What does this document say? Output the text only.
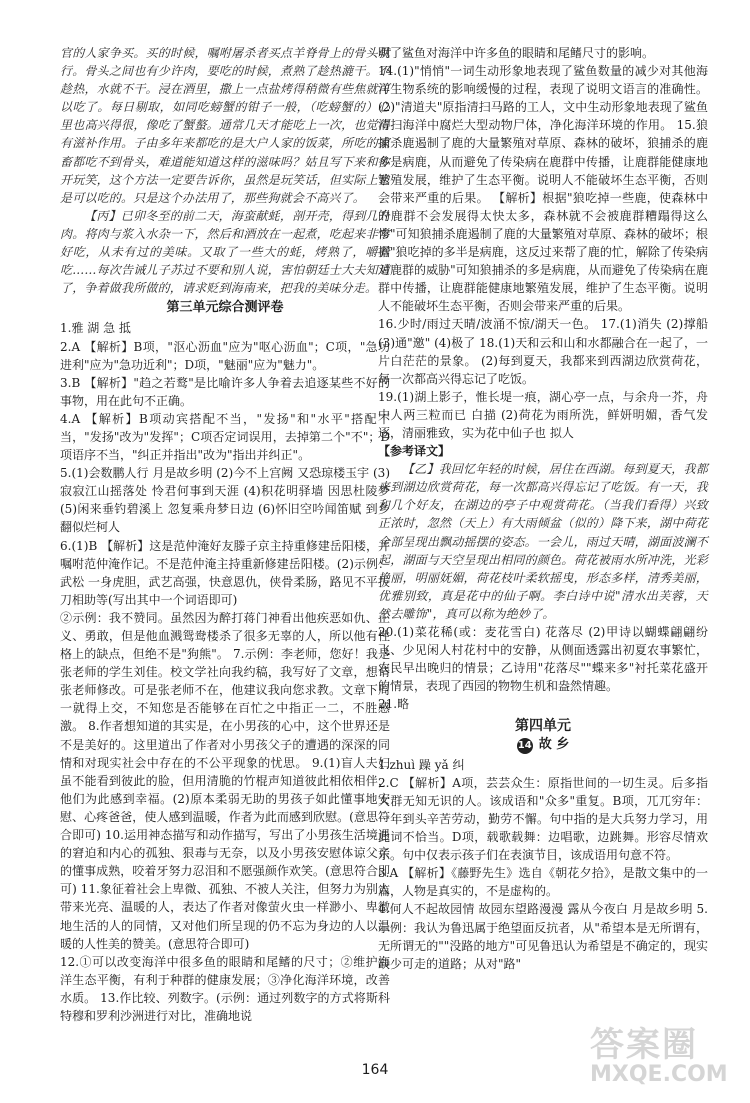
官的人家争买。买的时候，嘱咐屠杀者买点羊脊骨上的骨头就行。骨头之间也有少许肉，要吃的时候，煮熟了趁热漉干。不趁热，水就不干。浸在酒里，撒上一点盐烤得稍微有些焦就可以吃了。每日剔取，如同吃螃蟹的钳子一般，（吃螃蟹的）心里也高兴得很，像吃了蟹螯。通常几天才能吃上一次，也觉得有滋补作用。子由多年来都吃的是大户人家的饭菜，所吃的家畜都吃不到骨头，难道能知道这样的滋味吗？姑且写下来和你开玩笑，这个方法一定要告诉你，虽然是玩笑话，但实际上也是可以吃的。只是这个办法用了，那些狗就会不高兴了。

【丙】已卯冬至的前二天，海蛮献蚝，剖开壳，得到几升肉。将肉与浆入水杂一下，然后和酒放在一起煮，吃起来非常好吃，从未有过的美味。又取了一些大的蚝，烤熟了，嚼着吃……每次告诫儿子苏过不要和别人说，害怕朝廷士大夫知道了，争着做我所做的，请求贬到海南来，把我的美味分走。

第三单元综合测评卷

1.雅 湖 急 抵

2.A 【解析】B项，"沤心沥血"应为"呕心沥血"；C项，"急功进利"应为"急功近利"；D项，"魅丽"应为"魅力"。

3.B 【解析】"趋之若鹜"是比喻许多人争着去追逐某些不好的事物，用在此句不正确。

4.A 【解析】B项动宾搭配不当，"发扬"和"水平"搭配不当，"发扬"改为"发挥"；C项否定词误用，去掉第二个"不"；D项语序不当，"纠正并指出"改为"指出并纠正"。

5.(1)会数鹏人行 月是故乡明 (2)今不上宫阙 又恐琼楼玉宇 (3)寂寂江山摇落处 怜君何事到天涯 (4)积花明驿墙 因思杜陵梦 (5)闲来垂钓碧溪上 忽复乘舟梦日边 (6)怀旧空吟闻笛赋 到乡翻似烂柯人

6.(1)B 【解析】这是范仲淹好友滕子京主持重修建岳阳楼，并嘱咐范仲淹作记。不是范仲淹主持重新修建岳阳楼。(2)示例：武松 一身虎胆，武艺高强，快意恩仇，侠骨柔肠，路见不平拔刀相助等(写出其中一个词语即可)

②示例：我不赞同。虽然因为醉打蒋门神看出他疾恶如仇、正义、勇敢，但是他血溅鸳鸯楼杀了很多无辜的人，所以他有性格上的缺点，但绝不是"狗熊"。 7.示例：李老师，您好！我是张老师的学生刘佳。校文学社向我约稿，我写好了文章，想请张老师修改。可是张老师不在，他建议我向您求教。文章下周一就得上交，不知您是否能够在百忙之中指正一二，不胜感激。 8.作者想知道的其实是，在小男孩的心中，这个世界还是不是美好的。这里道出了作者对小男孩父子的遭遇的深深的同情和对现实社会中存在的不公平现象的忧思。 9.(1)盲人夫妇虽不能看到彼此的脸，但用清脆的竹棍声知道彼此相依相伴，他们为此感到幸福。(2)原本柔弱无助的男孩子如此懂事地安慰、心疼爸爸，使人感到温暖，作者为此而感到欣慰。(意思符合即可) 10.运用神态描写和动作描写，写出了小男孩生活境遇的窘迫和内心的孤独、狠毒与无奈，以及小男孩安慰体谅父亲的懂事成熟，咬着牙努力忍泪和不愿强颜作欢笑。(意思符合即可) 11.象征着社会上卑微、孤独、不被人关注，但努力为别人带来光亮、温暖的人，表达了作者对像萤火虫一样渺小、卑微地生活的人的同情，又对他们所呈现的仍不忘为身边的人以温暖的人性美的赞美。(意思符合即可)

12.①可以改变海洋中很多鱼的眼睛和尾鳍的尺寸；②维护海洋生态平衡，有利于种群的健康发展；③净化海洋环境，改善水质。 13.作比较、列数字。(示例：通过列数字的方式将斯科特穆和罗利沙洲进行对比，准确地说

明了鲨鱼对海洋中许多鱼的眼睛和尾鳍尺寸的影响。

14.(1)"悄悄"一词生动形象地表现了鲨鱼数量的减少对其他海洋生物系统的影响缓慢的过程，表现了说明文语言的准确性。 (2)"清道夫"原指清扫马路的工人，文中生动形象地表现了鲨鱼清扫海洋中腐烂大型动物尸体，净化海洋环境的作用。 15.狼捕杀鹿遏制了鹿的大量繁殖对草原、森林的破坏，狼捕杀的鹿多是病鹿，从而避免了传染病在鹿群中传播，让鹿群能健康地繁殖发展，维护了生态平衡。说明人不能破坏生态平衡，否则会带来严重的后果。 【解析】根据"狼吃掉一些鹿，使森林中的鹿群不会发展得太快太多，森林就不会被鹿群糟蹋得这么惨"可知狼捕杀鹿遏制了鹿的大量繁殖对草原、森林的破坏；根据"狼吃掉的多半是病鹿，这反过来帮了鹿的忙，解除了传染病对鹿群的威胁"可知狼捕杀的多是病鹿，从而避免了传染病在鹿群中传播，让鹿群能健康地繁殖发展，维护了生态平衡。说明人不能破坏生态平衡，否则会带来严重的后果。

16.少时/雨过天晴/波涌不惊/湖天一色。 17.(1)消失 (2)撑船 (3)通"邀" (4)极了 18.(1)天和云和山和水都融合在一起了，一片白茫茫的景象。 (2)每到夏天，我都来到西湖边欣赏荷花，每一次都高兴得忘记了吃饭。

19.(1)湖上影子，惟长堤一痕，湖心亭一点，与余舟一芥，舟中人两三粒而已 白描 (2)荷花为雨所洗，鲜妍明媚，香气发逐，清丽雅致，实为花中仙子也 拟人

【参考译文】

【乙】我回忆年轻的时候，居住在西湖。每到夏天，我都来到湖边欣赏荷花，每一次都高兴得忘记了吃饭。有一天，我和几个好友，在湖边的亭子中观赏荷花。（当我们看得）兴致正浓时，忽然（天上）有大雨倾盆（似的）降下来，湖中荷花全部呈现出飘动摇摆的姿态。一会儿，雨过天晴，湖面波澜不起，湖面与天空呈现出相同的颜色。荷花被雨水所冲洗，光彩艳丽，明丽妩媚，荷花枝叶柔软摇曳，形态多样，清秀美丽，优雅别致，真是花中的仙子啊。李白诗中说"清水出芙蓉，天然去雕饰"，真可以称为绝妙了。

20.(1)菜花稀(或：麦花雪白) 花落尽 (2)甲诗以蝴蝶翩翩纷飞、少见闲人村花村中的安静，从侧面透露出初夏农事繁忙，农民早出晚归的情景；乙诗用"花落尽""蝶来多"衬托菜花盛开的情景，表现了西园的物物生机和盎然情趣。

21.略

第四单元
14 故 乡

1.zhuì 躁 yǎ 纠

2.C 【解析】A项，芸芸众生：原指世间的一切生灵。后多指大群无知无识的人。该成语和"众多"重复。B项，兀兀穷年：一年到头辛苦劳动，勤劳不懈。句中指的是大兵努力学习，用此词不恰当。D项，载歌载舞：边唱歌，边跳舞。形容尽情欢乐。句中仅表示孩子们在表演节目，该成语用句意不符。

3.A 【解析】《藤野先生》选自《朝花夕拾》，是散文集中的一篇，人物是真实的，不是虚构的。

4.何人不起故园情 故园东望路漫漫 露从今夜白 月是故乡明 5.示例：我认为鲁迅属于绝望面反抗者，从"希望本是无所谓有，无所谓无的""没路的地方"可见鲁迅认为希望是不确定的，现实缺少可走的道路；从对"路"

164
答案圈
MXQE.COM
